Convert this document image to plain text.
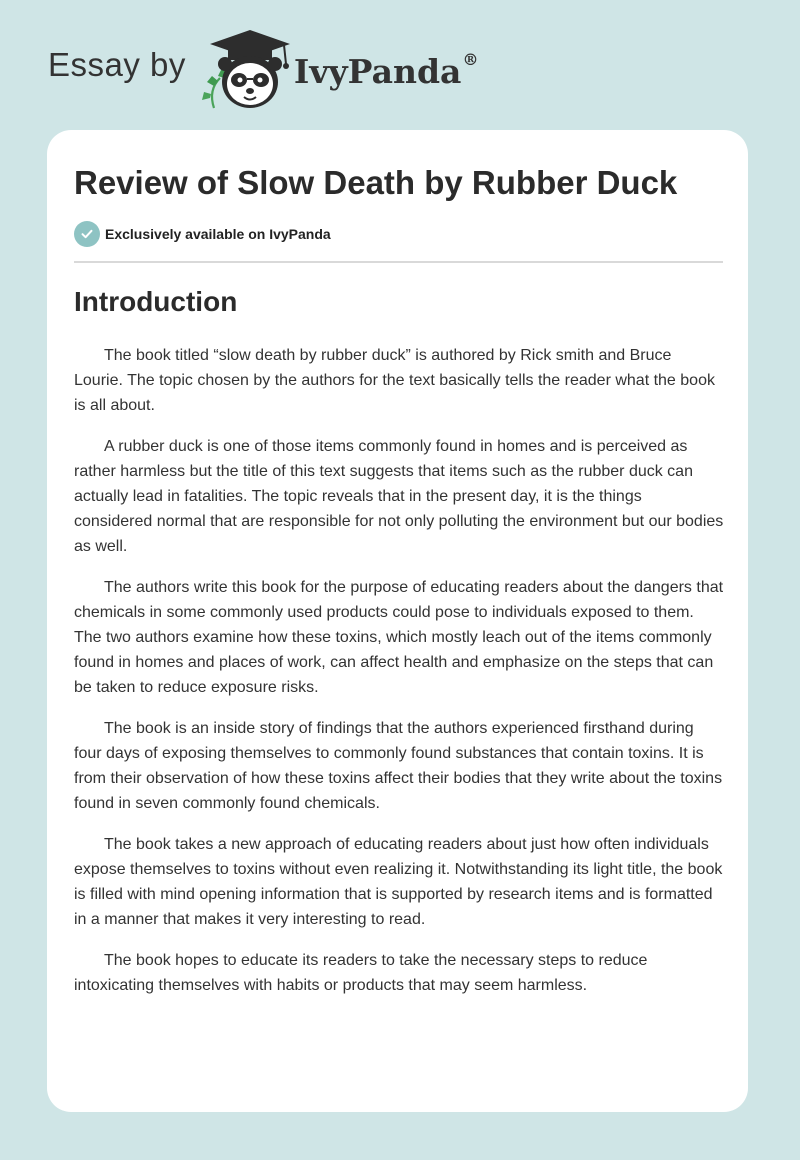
Essay by	IvyPanda®
Review of Slow Death by Rubber Duck
Exclusively available on IvyPanda
Introduction

The book titled “slow death by rubber duck” is authored by Rick smith and Bruce Lourie. The topic chosen by the authors for the text basically tells the reader what the book is all about.

A rubber duck is one of those items commonly found in homes and is perceived as rather harmless but the title of this text suggests that items such as the rubber duck can actually lead in fatalities. The topic reveals that in the present day, it is the things considered normal that are responsible for not only polluting the environment but our bodies as well.

The authors write this book for the purpose of educating readers about the dangers that chemicals in some commonly used products could pose to individuals exposed to them. The two authors examine how these toxins, which mostly leach out of the items commonly found in homes and places of work, can affect health and emphasize on the steps that can be taken to reduce exposure risks.

The book is an inside story of findings that the authors experienced firsthand during four days of exposing themselves to commonly found substances that contain toxins. It is from their observation of how these toxins affect their bodies that they write about the toxins found in seven commonly found chemicals.

The book takes a new approach of educating readers about just how often individuals expose themselves to toxins without even realizing it. Notwithstanding its light title, the book is filled with mind opening information that is supported by research items and is formatted in a manner that makes it very interesting to read.

The book hopes to educate its readers to take the necessary steps to reduce intoxicating themselves with habits or products that may seem harmless.
